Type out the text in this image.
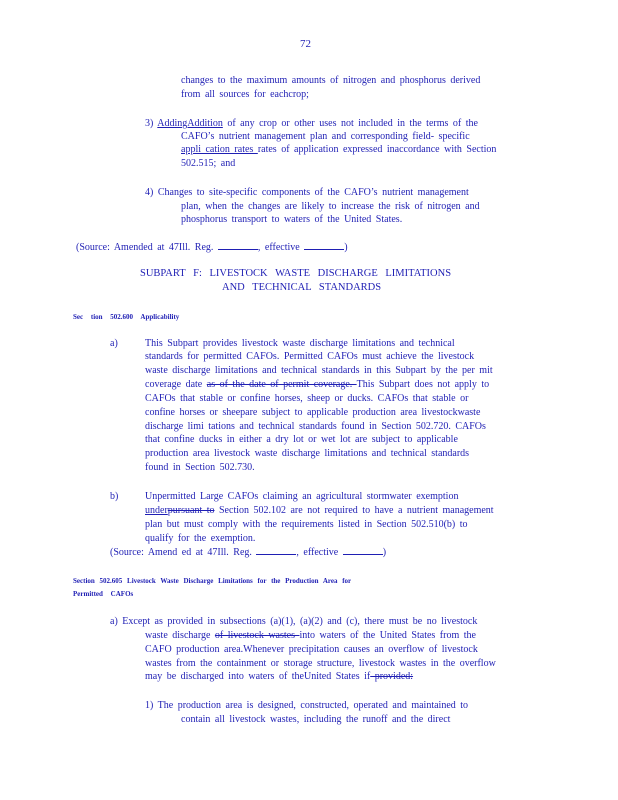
72
changes to the maximum amounts of nitrogen and phosphorus derived
from all sources for eachcrop;
3) AddingAddition of any crop or other uses not included in the terms of the
CAFO’s nutrient management plan and corresponding field- specific
appli cation rates rates of application expressed inaccordance with Section
502.515; and
4) Changes to site-specific components of the CAFO’s nutrient management
plan, when the changes are likely to increase the risk of nitrogen and
phosphorus transport to waters of the United States.
(Source: Amended at 47Ill. Reg.	, effective	)
SUBPART F: LIVESTOCK WASTE DISCHARGE LIMITATIONS
AND TECHNICAL STANDARDS
Sec tion 502.600 Applicability
a)	This Subpart provides livestock waste discharge limitations and technical
standards for permitted CAFOs. Permitted CAFOs must achieve the livestock
waste discharge limitations and technical standards in this Subpart by the per mit
coverage date as of the date of permit coverage. This Subpart does not apply to
CAFOs that stable or confine horses, sheep or ducks. CAFOs that stable or
confine horses or sheepare subject to applicable production area livestockwaste
discharge limi tations and technical standards found in Section 502.720. CAFOs
that confine ducks in either a dry lot or wet lot are subject to applicable
production area livestock waste discharge limitations and technical standards
found in Section 502.730.
b)	Unpermitted Large CAFOs claiming an agricultural stormwater exemption
underpursuant to Section 502.102 are not required to have a nutrient management
plan but must comply with the requirements listed in Section 502.510(b) to
qualify for the exemption.
(Source: Amend ed at 47Ill. Reg.	, effective	)
Section 502.605 Livestock Waste Discharge Limitations for the Production Area for
Permitted CAFOs
a) Except as provided in subsections (a)(1), (a)(2) and (c), there must be no livestock
waste discharge of livestock wastes into waters of the United States from the
CAFO production area.Whenever precipitation causes an overflow of livestock
wastes from the containment or storage structure, livestock wastes in the overflow
may be discharged into waters of theUnited States if provided:
1) The production area is designed, constructed, operated and maintained to
contain all livestock wastes, including the runoff and the direct
